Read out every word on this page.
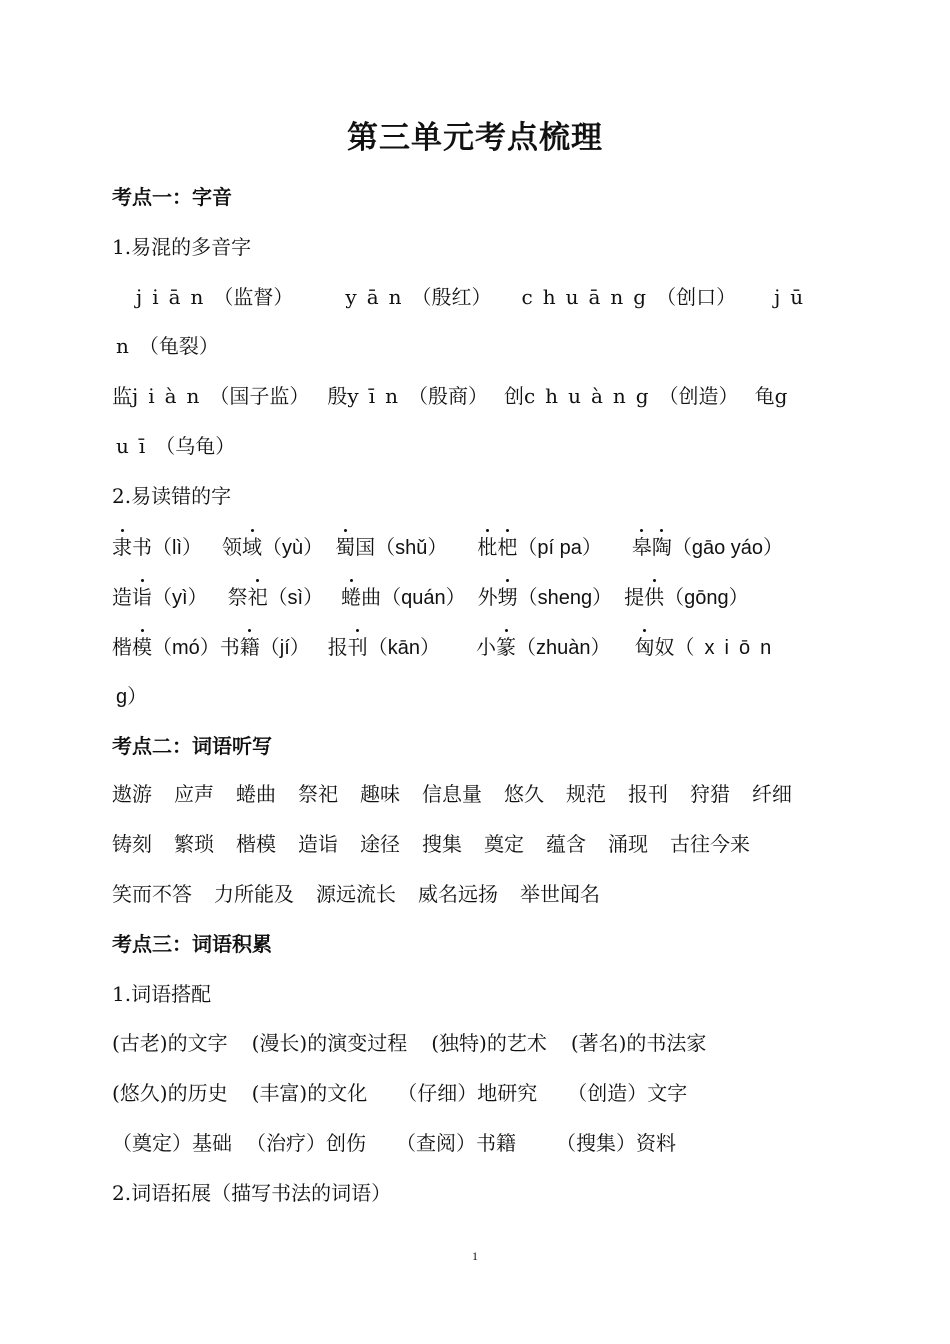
第三单元考点梳理
考点一：字音
1.易混的多音字
jiān（监督）	yān（殷红） chuāng（创口） jū
n（龟裂）
监jiàn（国子监） 殷yīn（殷商） 创chuàng（创造） 龟g
uī（乌龟）
2.易读错的字
隶书（lì） 领域（yù） 蜀国（shǔ） 枇杷（pí pa） 皋陶（gāo yáo）
造诣（yì） 祭祀（sì） 蜷曲（quán） 外甥（sheng） 提供（gōng）
楷模（mó）书籍（jí） 报刊（kān） 小篆（zhuàn） 匈奴（xiōn
g）
考点二：词语听写
遨游 应声 蜷曲 祭祀 趣味 信息量 悠久 规范 报刊 狩猎 纤细
铸刻 繁琐 楷模 造诣 途径 搜集 奠定 蕴含 涌现 古往今来
笑而不答 力所能及 源远流长 威名远扬 举世闻名
考点三：词语积累
1.词语搭配
(古老)的文字 (漫长)的演变过程 (独特)的艺术 (著名)的书法家
(悠久)的历史 (丰富)的文化 （仔细）地研究 （创造）文字
（奠定）基础 （治疗）创伤 （查阅）书籍 （搜集）资料
2.词语拓展（描写书法的词语）
1
